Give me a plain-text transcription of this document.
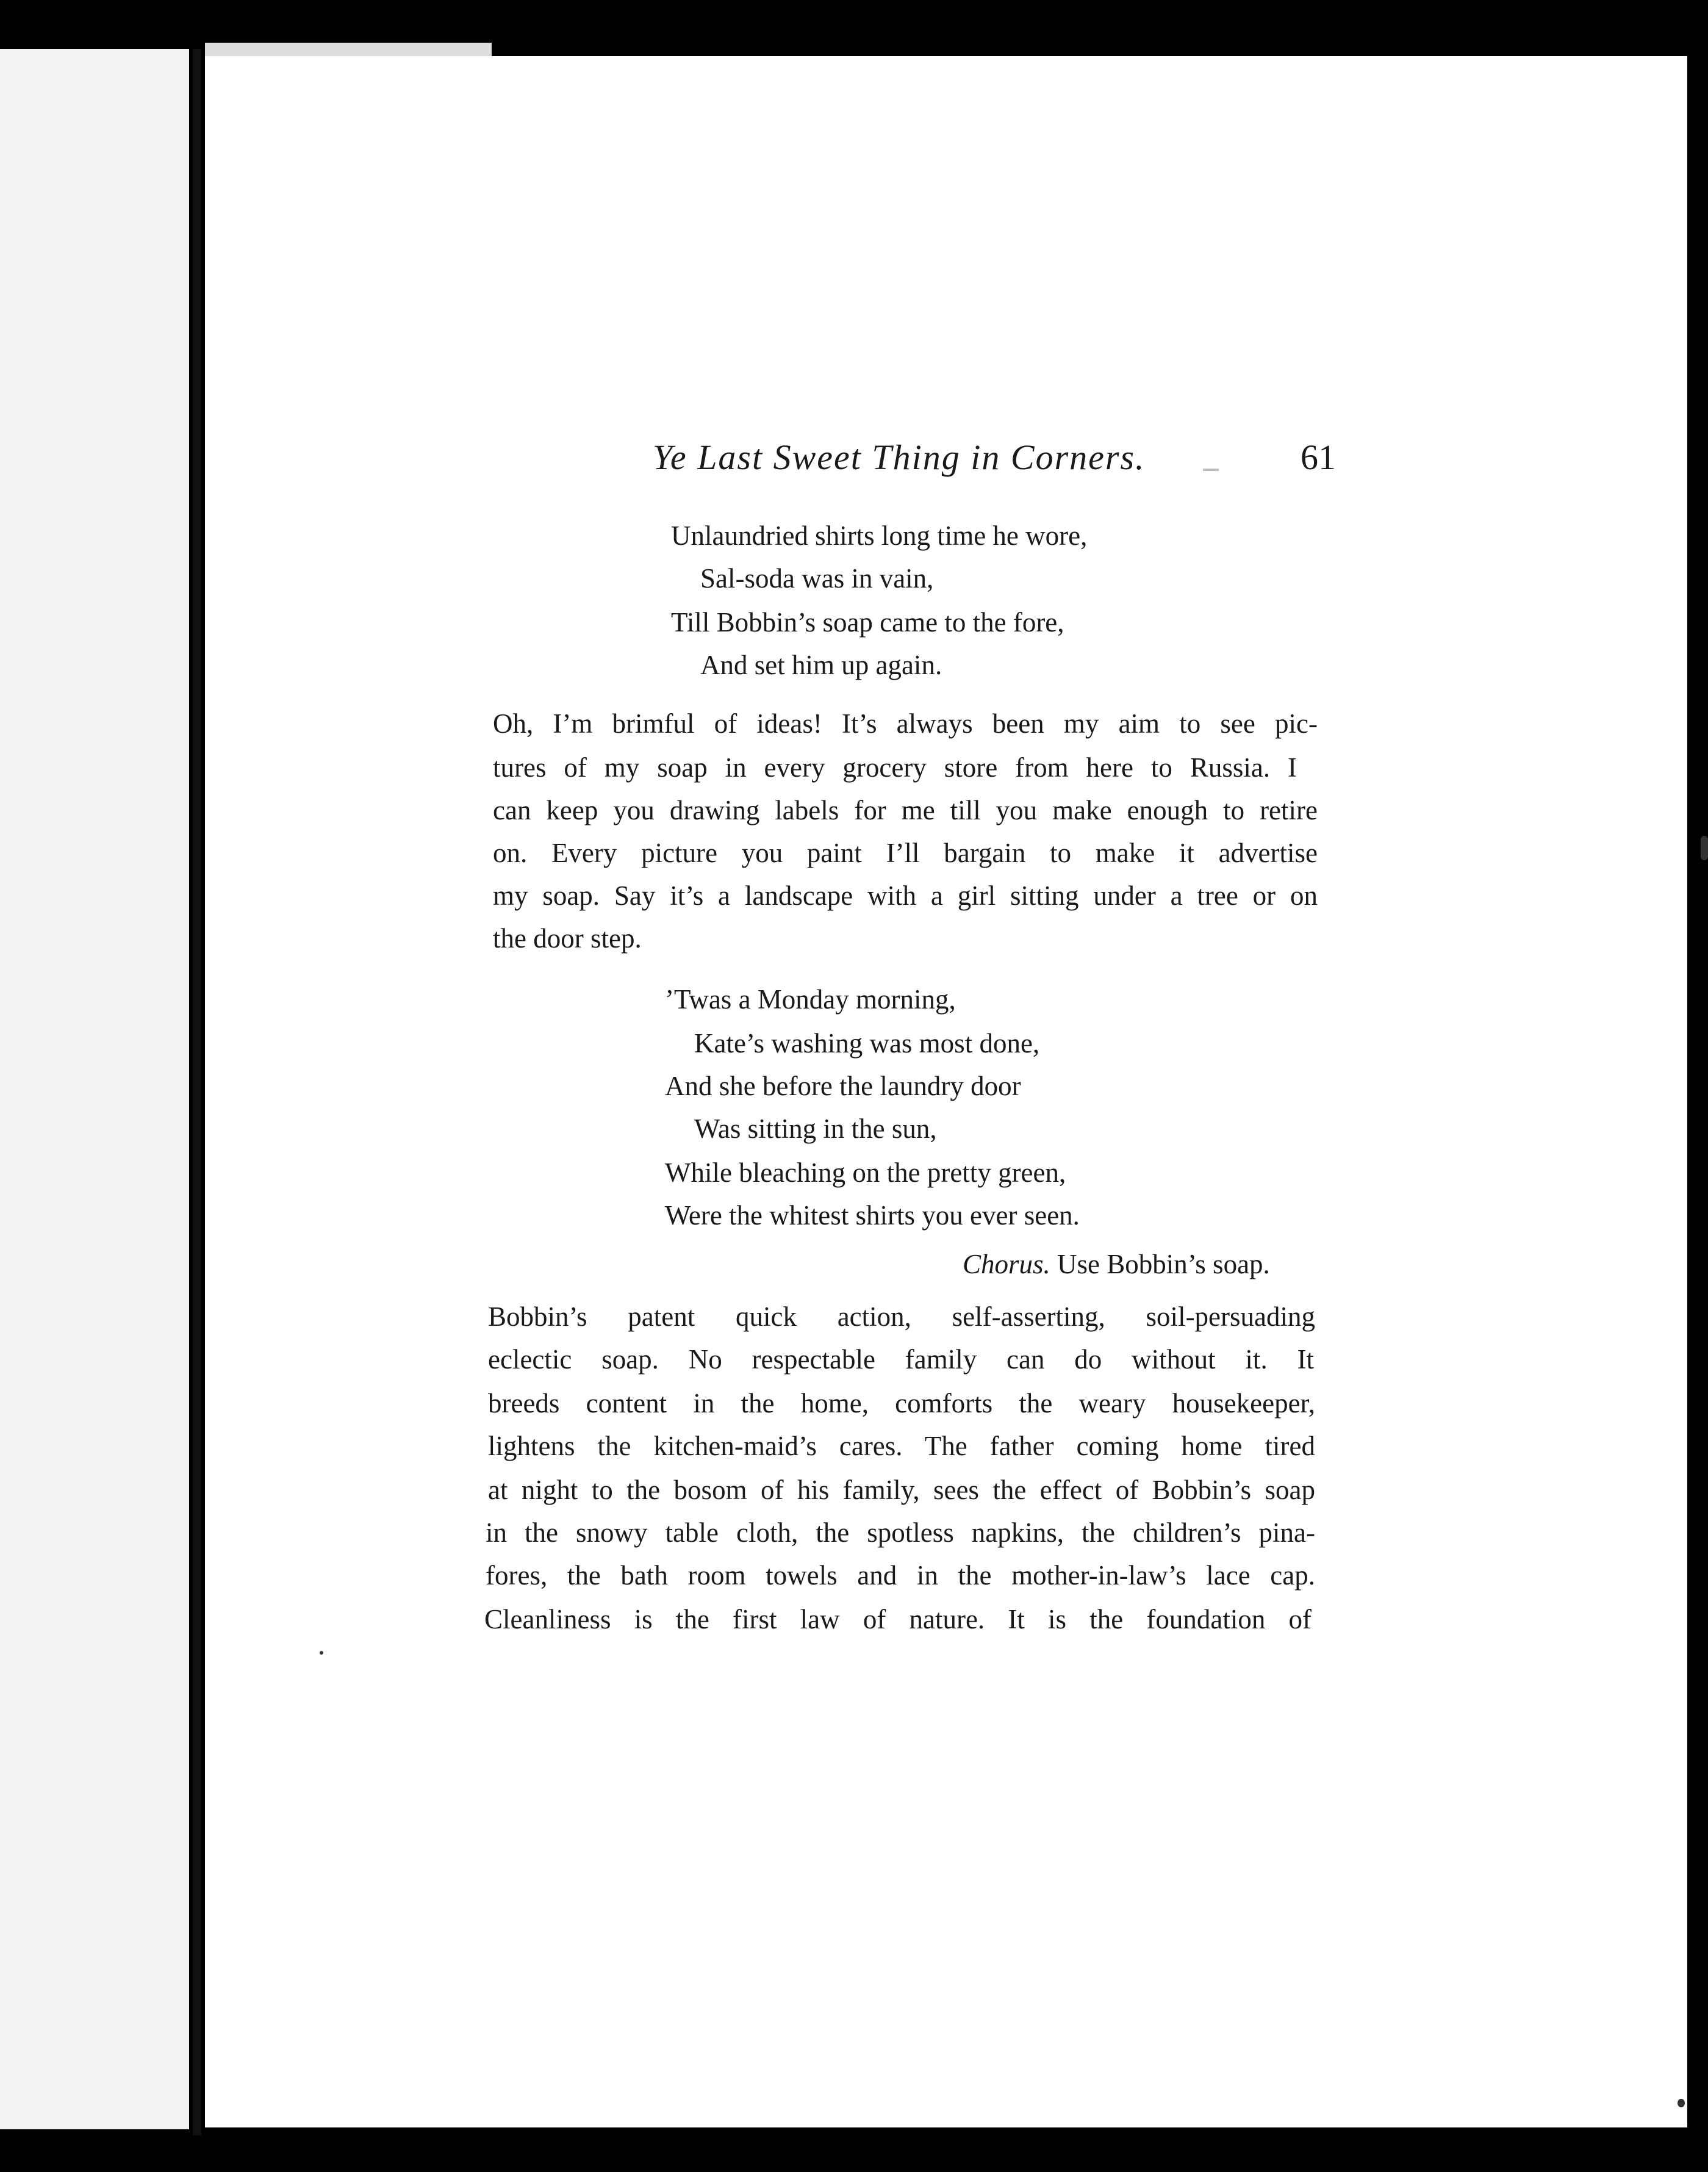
Ye Last Sweet Thing in Corners.	61
Unlaundried shirts long time he wore,
Sal-soda was in vain,
Till Bobbin’s soap came to the fore,
And set him up again.
Oh, I’m brimful of ideas! It’s always been my aim to see pic-
tures of my soap in every grocery store from here to Russia. I
can keep you drawing labels for me till you make enough to retire
on. Every picture you paint I’ll bargain to make it advertise
my soap. Say it’s a landscape with a girl sitting under a tree or on
the door step.
’Twas a Monday morning,
Kate’s washing was most done,
And she before the laundry door
Was sitting in the sun,
While bleaching on the pretty green,
Were the whitest shirts you ever seen.
Chorus. Use Bobbin’s soap.
Bobbin’s patent quick action, self-asserting, soil-persuading
eclectic soap. No respectable family can do without it. It
breeds content in the home, comforts the weary housekeeper,
lightens the kitchen-maid’s cares. The father coming home tired
at night to the bosom of his family, sees the effect of Bobbin’s soap
in the snowy table cloth, the spotless napkins, the children’s pina-
fores, the bath room towels and in the mother-in-law’s lace cap.
Cleanliness is the first law of nature. It is the foundation of
